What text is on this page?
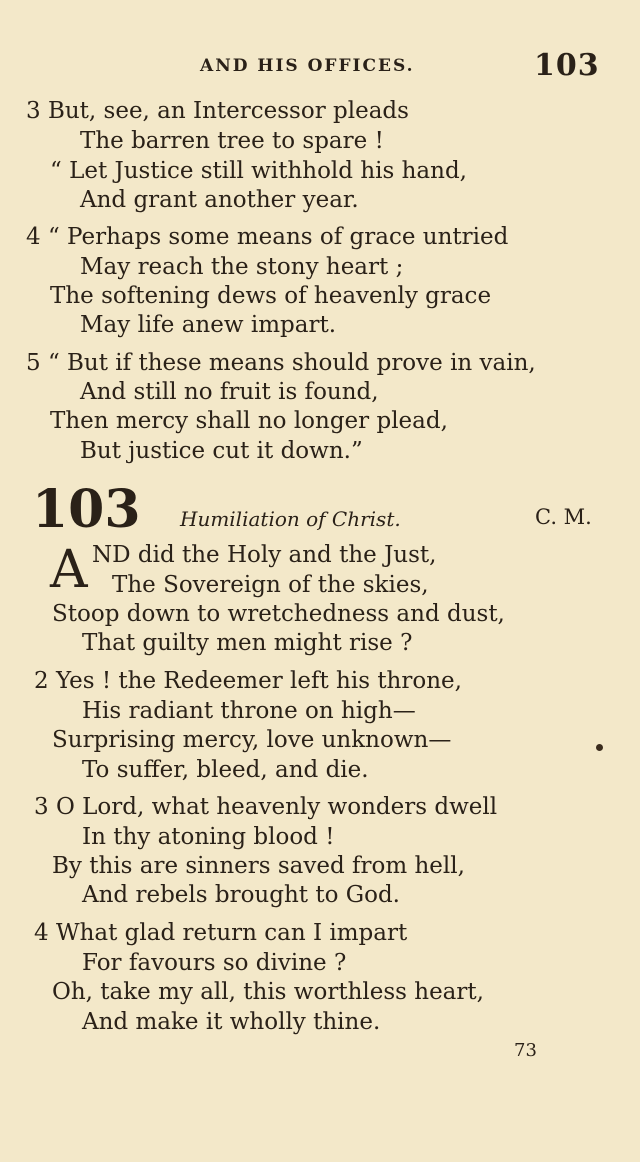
AND HIS OFFICES.	103
3 But, see, an Intercessor pleads
The barren tree to spare !
“ Let Justice still withhold his hand,
And grant another year.
4 “ Perhaps some means of grace untried
May reach the stony heart ;
The softening dews of heavenly grace
May life anew impart.
5 “ But if these means should prove in vain,
And still no fruit is found,
Then mercy shall no longer plead,
But justice cut it down.”
103 Humiliation of Christ.	C. M.
A ND did the Holy and the Just,
The Sovereign of the skies,
Stoop down to wretchedness and dust,
That guilty men might rise ?
2 Yes ! the Redeemer left his throne,
His radiant throne on high—
Surprising mercy, love unknown—
To suffer, bleed, and die.
3 O Lord, what heavenly wonders dwell
In thy atoning blood !
By this are sinners saved from hell,
And rebels brought to God.
4 What glad return can I impart
For favours so divine ?
Oh, take my all, this worthless heart,
And make it wholly thine.
73
